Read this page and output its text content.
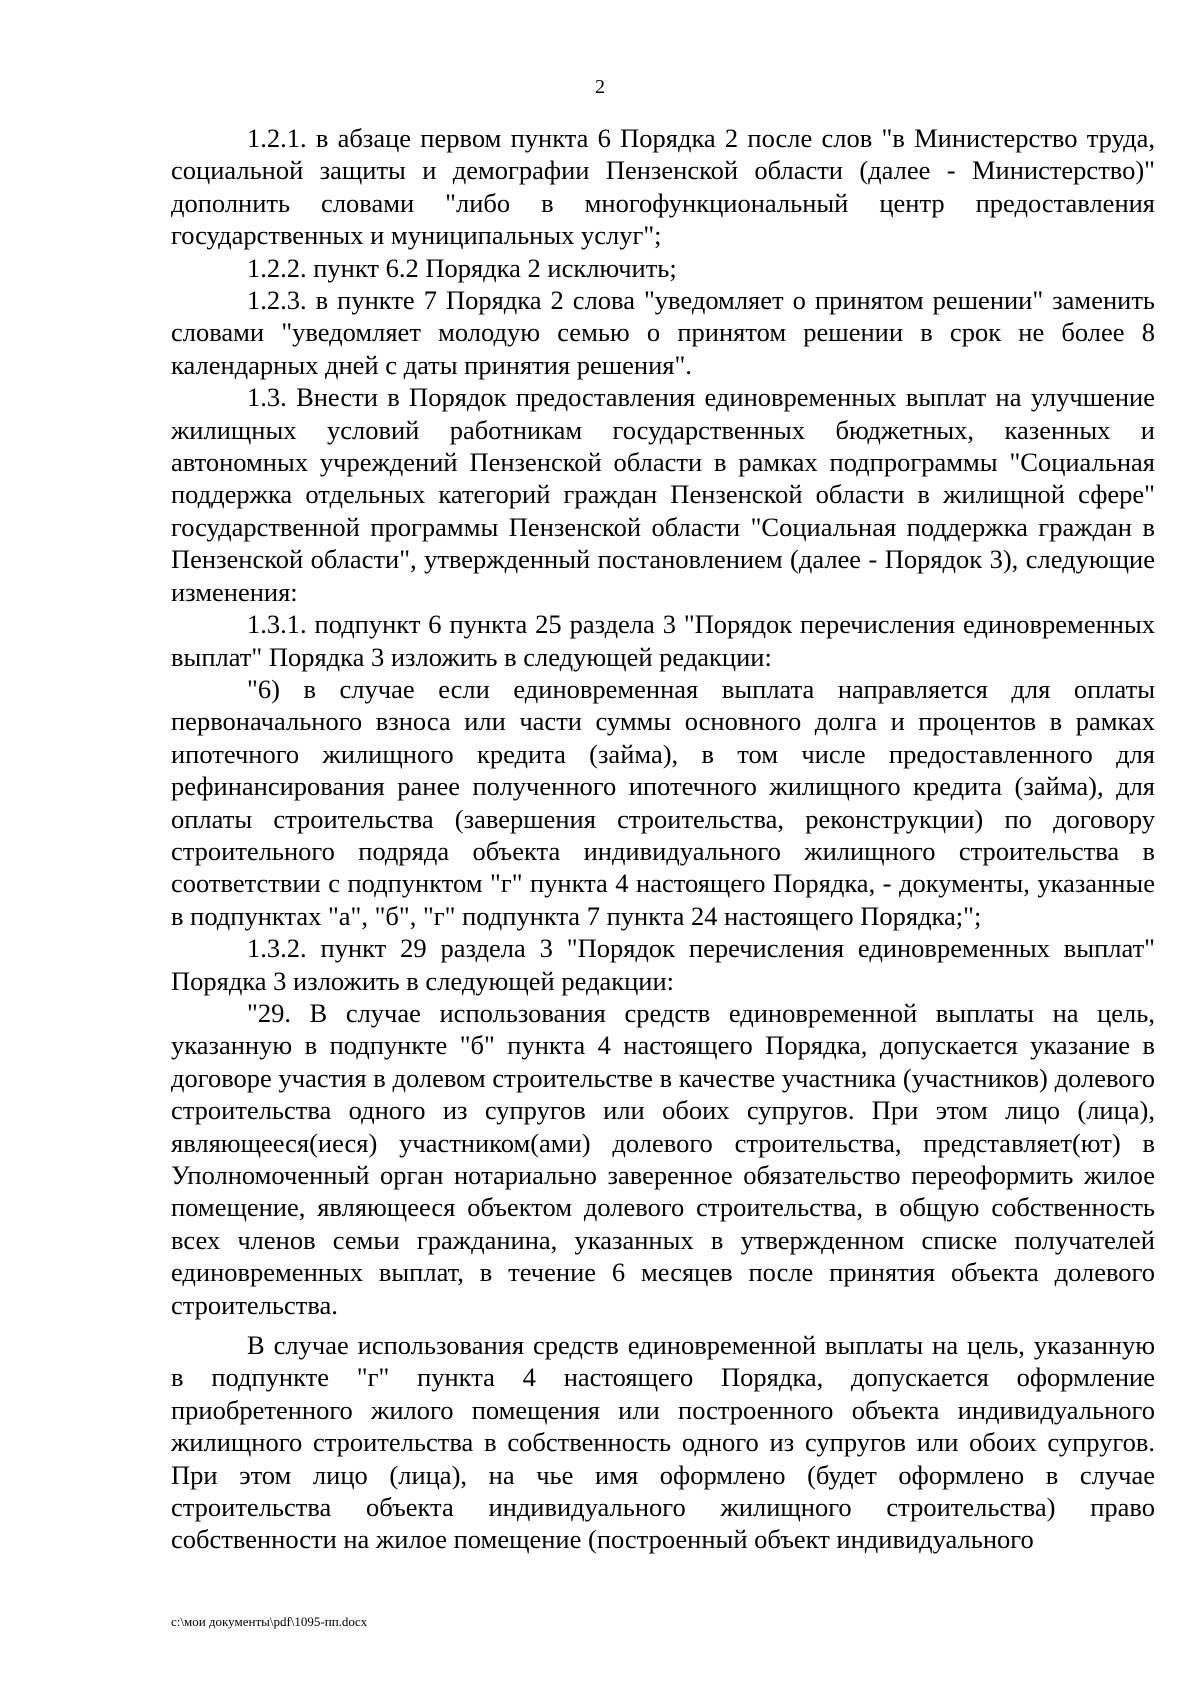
2

1.2.1. в абзаце первом пункта 6 Порядка 2 после слов "в Министерство труда, социальной защиты и демографии Пензенской области (далее - Министерство)" дополнить словами "либо в многофункциональный центр предоставления государственных и муниципальных услуг";

1.2.2. пункт 6.2 Порядка 2 исключить;

1.2.3. в пункте 7 Порядка 2 слова "уведомляет о принятом решении" заменить словами "уведомляет молодую семью о принятом решении в срок не более 8 календарных дней с даты принятия решения".

1.3. Внести в Порядок предоставления единовременных выплат на улучшение жилищных условий работникам государственных бюджетных, казенных и автономных учреждений Пензенской области в рамках подпрограммы "Социальная поддержка отдельных категорий граждан Пензенской области в жилищной сфере" государственной программы Пензенской области "Социальная поддержка граждан в Пензенской области", утвержденный постановлением (далее - Порядок 3), следующие изменения:

1.3.1. подпункт 6 пункта 25 раздела 3 "Порядок перечисления единовременных выплат" Порядка 3 изложить в следующей редакции:

"6) в случае если единовременная выплата направляется для оплаты первоначального взноса или части суммы основного долга и процентов в рамках ипотечного жилищного кредита (займа), в том числе предоставленного для рефинансирования ранее полученного ипотечного жилищного кредита (займа), для оплаты строительства (завершения строительства, реконструкции) по договору строительного подряда объекта индивидуального жилищного строительства в соответствии с подпунктом "г" пункта 4 настоящего Порядка, - документы, указанные в подпунктах "а", "б", "г" подпункта 7 пункта 24 настоящего Порядка;";

1.3.2. пункт 29 раздела 3 "Порядок перечисления единовременных выплат" Порядка 3 изложить в следующей редакции:

"29. В случае использования средств единовременной выплаты на цель, указанную в подпункте "б" пункта 4 настоящего Порядка, допускается указание в договоре участия в долевом строительстве в качестве участника (участников) долевого строительства одного из супругов или обоих супругов. При этом лицо (лица), являющееся(иеся) участником(ами) долевого строительства, представляет(ют) в Уполномоченный орган нотариально заверенное обязательство переоформить жилое помещение, являющееся объектом долевого строительства, в общую собственность всех членов семьи гражданина, указанных в утвержденном списке получателей единовременных выплат, в течение 6 месяцев после принятия объекта долевого строительства.

В случае использования средств единовременной выплаты на цель, указанную в подпункте "г" пункта 4 настоящего Порядка, допускается оформление приобретенного жилого помещения или построенного объекта индивидуального жилищного строительства в собственность одного из супругов или обоих супругов. При этом лицо (лица), на чье имя оформлено (будет оформлено в случае строительства объекта индивидуального жилищного строительства) право собственности на жилое помещение (построенный объект индивидуального

c:\мои документы\pdf\1095-пп.docx
